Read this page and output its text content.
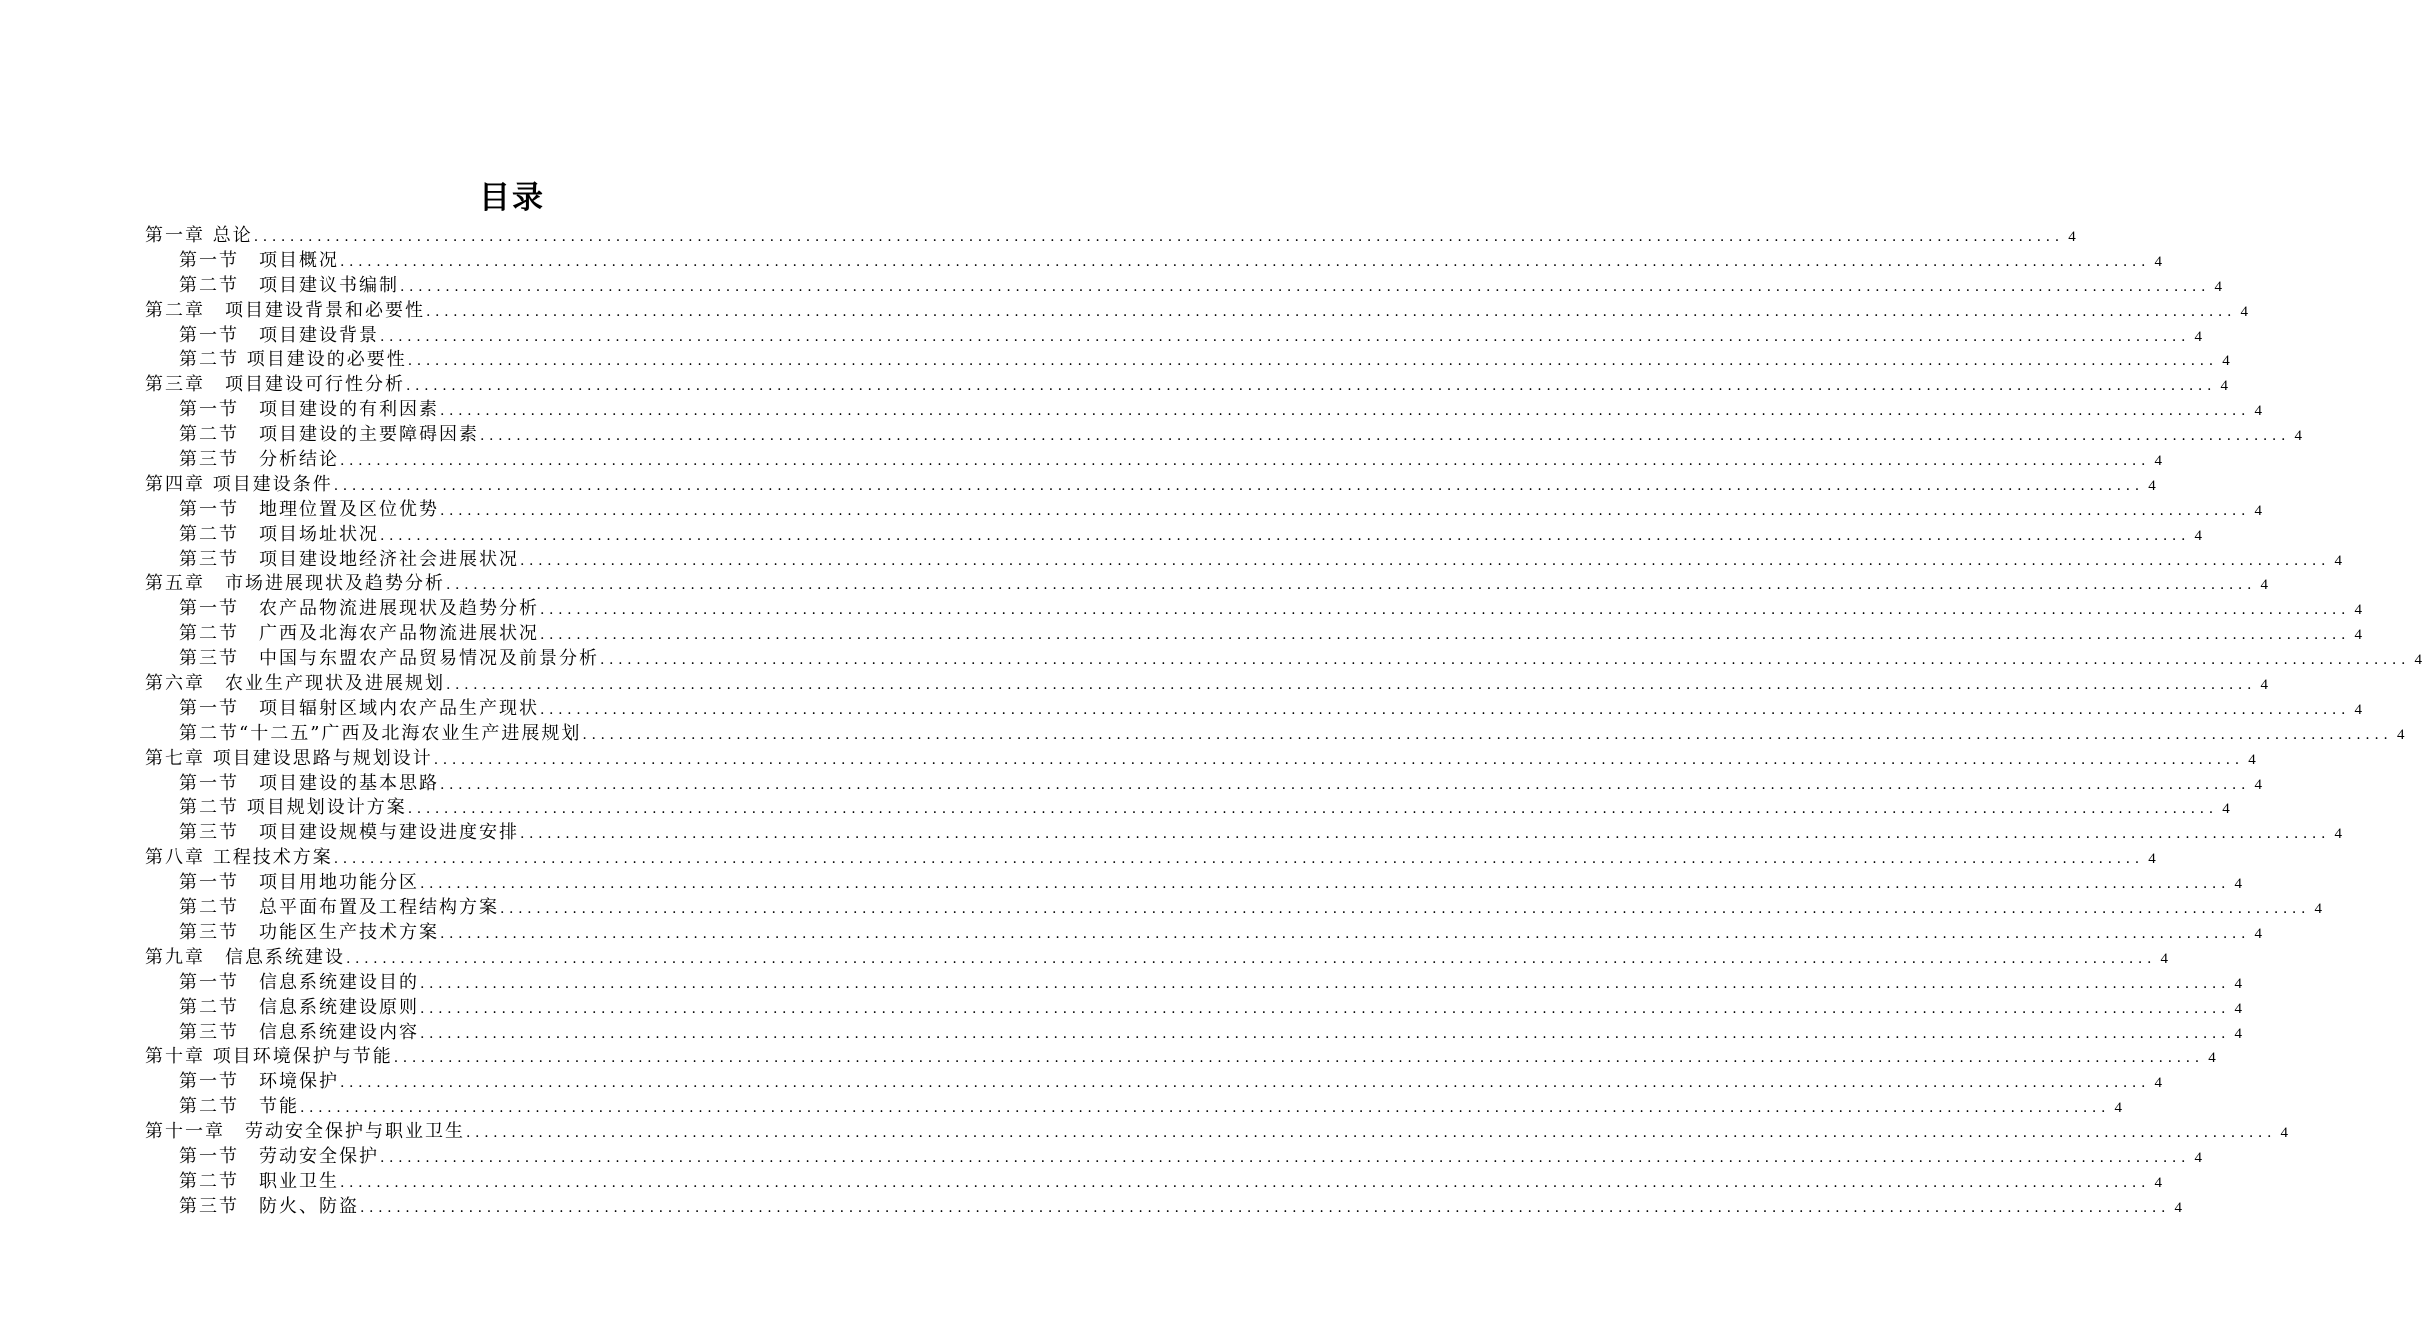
目录
第一章 总论 ........................................................................................................................................................................................................ 4
第一节　项目概况 ........................................................................................................................................................................................................ 4
第二节　项目建议书编制 ........................................................................................................................................................................................................ 4
第二章　项目建设背景和必要性 ........................................................................................................................................................................................................ 4
第一节　项目建设背景 ........................................................................................................................................................................................................ 4
第二节 项目建设的必要性 ........................................................................................................................................................................................................ 4
第三章　项目建设可行性分析 ........................................................................................................................................................................................................ 4
第一节　项目建设的有利因素 ........................................................................................................................................................................................................ 4
第二节　项目建设的主要障碍因素 ........................................................................................................................................................................................................ 4
第三节　分析结论 ........................................................................................................................................................................................................ 4
第四章 项目建设条件 ........................................................................................................................................................................................................ 4
第一节　地理位置及区位优势 ........................................................................................................................................................................................................ 4
第二节　项目场址状况 ........................................................................................................................................................................................................ 4
第三节　项目建设地经济社会进展状况 ........................................................................................................................................................................................................ 4
第五章　市场进展现状及趋势分析 ........................................................................................................................................................................................................ 4
第一节　农产品物流进展现状及趋势分析 ........................................................................................................................................................................................................ 4
第二节　广西及北海农产品物流进展状况 ........................................................................................................................................................................................................ 4
第三节　中国与东盟农产品贸易情况及前景分析 ........................................................................................................................................................................................................ 4
第六章　农业生产现状及进展规划 ........................................................................................................................................................................................................ 4
第一节　项目辐射区域内农产品生产现状 ........................................................................................................................................................................................................ 4
第二节“十二五”广西及北海农业生产进展规划 ........................................................................................................................................................................................................ 4
第七章 项目建设思路与规划设计 ........................................................................................................................................................................................................ 4
第一节　项目建设的基本思路 ........................................................................................................................................................................................................ 4
第二节 项目规划设计方案 ........................................................................................................................................................................................................ 4
第三节　项目建设规模与建设进度安排 ........................................................................................................................................................................................................ 4
第八章 工程技术方案 ........................................................................................................................................................................................................ 4
第一节　项目用地功能分区 ........................................................................................................................................................................................................ 4
第二节　总平面布置及工程结构方案 ........................................................................................................................................................................................................ 4
第三节　功能区生产技术方案 ........................................................................................................................................................................................................ 4
第九章　信息系统建设 ........................................................................................................................................................................................................ 4
第一节　信息系统建设目的 ........................................................................................................................................................................................................ 4
第二节　信息系统建设原则 ........................................................................................................................................................................................................ 4
第三节　信息系统建设内容 ........................................................................................................................................................................................................ 4
第十章 项目环境保护与节能 ........................................................................................................................................................................................................ 4
第一节　环境保护 ........................................................................................................................................................................................................ 4
第二节　节能 ........................................................................................................................................................................................................ 4
第十一章　劳动安全保护与职业卫生 ........................................................................................................................................................................................................ 4
第一节　劳动安全保护 ........................................................................................................................................................................................................ 4
第二节　职业卫生 ........................................................................................................................................................................................................ 4
第三节　防火、防盗 ........................................................................................................................................................................................................ 4
